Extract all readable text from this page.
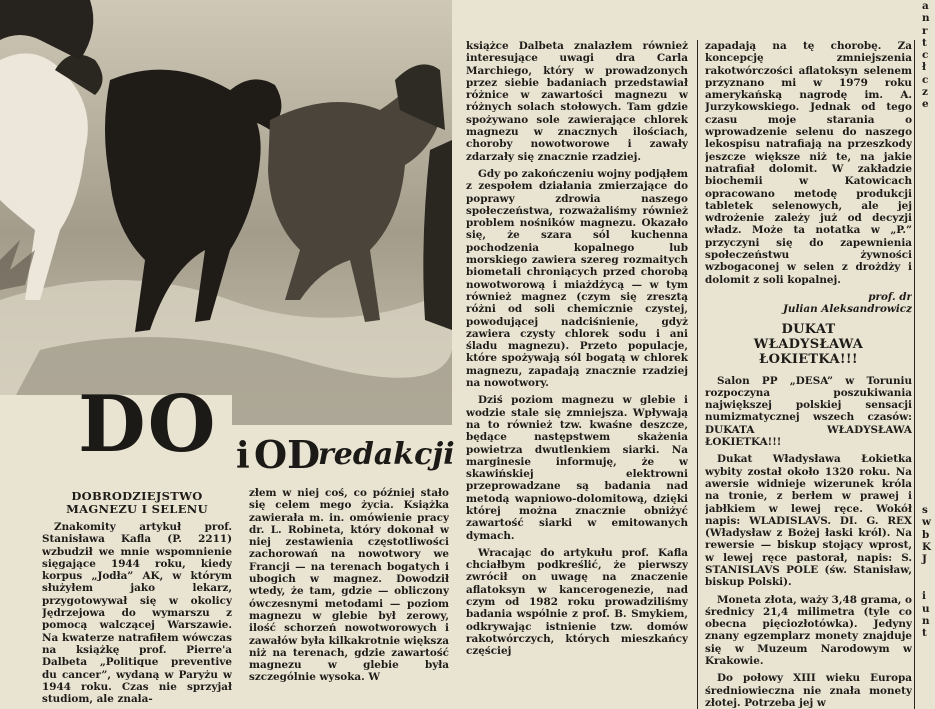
DO i OD
redakcji
DOBRODZIEJSTWO
MAGNEZU I SELENU

Znakomity artykuł prof. Stanisława Kafla (P. 2211) wzbudził we mnie wspomnienie sięgające 1944 roku, kiedy korpus „Jodła” AK, w którym służyłem jako lekarz, przygotowywał się w okolicy Jędrzejowa do wymarszu z pomocą walczącej Warszawie. Na kwaterze natrafiłem wówczas na książkę prof. Pierre'a Dalbeta „Politique preventive du cancer”, wydaną w Paryżu w 1944 roku. Czas nie sprzyjał studiom, ale znala-

złem w niej coś, co później stało się celem mego życia. Książka zawierała m. in. omówienie pracy dr. L. Robineta, który dokonał w niej zestawienia częstotliwości zachorowań na nowotwory we Francji — na terenach bogatych i ubogich w magnez. Dowodził wtedy, że tam, gdzie — obliczony ówczesnymi metodami — poziom magnezu w glebie był zerowy, ilość schorzeń nowotworowych i zawałów była kilkakrotnie większa niż na terenach, gdzie zawartość magnezu w glebie była szczególnie wysoka. W

książce Dalbeta znalazłem również interesujące uwagi dra Carla Marchiego, który w prowadzonych przez siebie badaniach przedstawiał różnice w zawartości magnezu w różnych solach stołowych. Tam gdzie spożywano sole zawierające chlorek magnezu w znacznych ilościach, choroby nowotworowe i zawały zdarzały się znacznie rzadziej.

Gdy po zakończeniu wojny podjąłem z zespołem działania zmierzające do poprawy zdrowia naszego społeczeństwa, rozważaliśmy również problem nośników magnezu. Okazało się, że szara sól kuchenna pochodzenia kopalnego lub morskiego zawiera szereg rozmaitych biometali chroniących przed chorobą nowotworową i miażdżycą — w tym również magnez (czym się zresztą różni od soli chemicznie czystej, powodującej nadciśnienie, gdyż zawiera czysty chlorek sodu i ani śladu magnezu). Przeto populacje, które spożywają sól bogatą w chlorek magnezu, zapadają znacznie rzadziej na nowotwory.

Dziś poziom magnezu w glebie i wodzie stale się zmniejsza. Wpływają na to również tzw. kwaśne deszcze, będące następstwem skażenia powietrza dwutlenkiem siarki. Na marginesie informuję, że w skawińskiej elektrowni przeprowadzane są badania nad metodą wapniowo-dolomitową, dzięki której można znacznie obniżyć zawartość siarki w emitowanych dymach.

Wracając do artykułu prof. Kafla chciałbym podkreślić, że pierwszy zwrócił on uwagę na znaczenie aflatoksyn w kancerogenezie, nad czym od 1982 roku prowadziliśmy badania wspólnie z prof. B. Smykiem, odkrywając istnienie tzw. domów rakotwórczych, których mieszkańcy częściej

zapadają na tę chorobę. Za koncepcję zmniejszenia rakotwórczości aflatoksyn selenem przyznano mi w 1979 roku amerykańską nagrodę im. A. Jurzykowskiego. Jednak od tego czasu moje starania o wprowadzenie selenu do naszego lekospisu natrafiają na przeszkody jeszcze większe niż te, na jakie natrafiał dolomit. W zakładzie biochemii w Katowicach opracowano metodę produkcji tabletek selenowych, ale jej wdrożenie zależy już od decyzji władz. Może ta notatka w „P.” przyczyni się do zapewnienia społeczeństwu żywności wzbogaconej w selen z drożdży i dolomit z soli kopalnej.

prof. dr

Julian Aleksandrowicz

DUKAT
WŁADYSŁAWA
ŁOKIETKA!!!

Salon PP „DESA” w Toruniu rozpoczyna poszukiwania największej polskiej sensacji numizmatycznej wszech czasów: DUKATA WŁADYSŁAWA ŁOKIETKA!!!

Dukat Władysława Łokietka wybity został około 1320 roku. Na awersie widnieje wizerunek króla na tronie, z berłem w prawej i jabłkiem w lewej ręce. Wokół napis: WLADISLAVS. DI. G. REX (Władysław z Bożej łaski król). Na rewersie — biskup stojący wprost, w lewej ręce pastorał, napis: S. STANISLAVS POLE (św. Stanisław, biskup Polski).

Moneta złota, waży 3,48 grama, o średnicy 21,4 milimetra (tyle co obecna pięciozłotówka). Jedyny znany egzemplarz monety znajduje się w Muzeum Narodowym w Krakowie.

Do połowy XIII wieku Europa średniowieczna nie znała monety złotej. Potrzeba jej w

a
n
r
t
c
ł
c
z
e

s
w
b
K
J

i
u
n
t
